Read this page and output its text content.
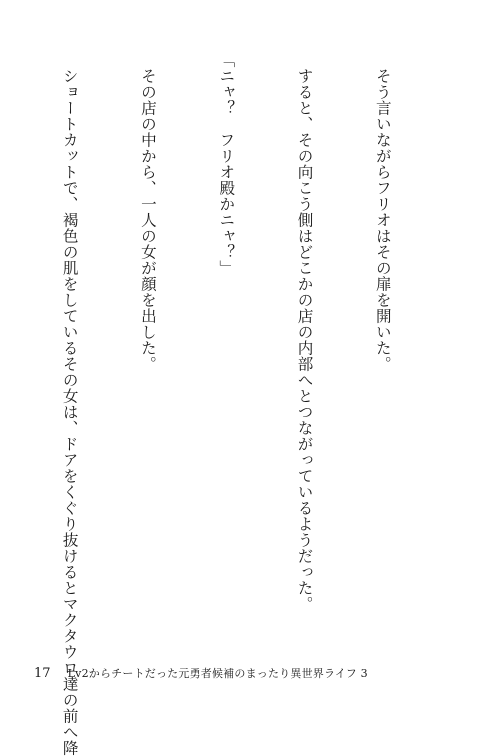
　そう言いながらフリオはその扉を開いた。

　すると、その向こう側はどこかの店の内部へとつながっているようだった。

「ニャ？　フリオ殿かニャ？」

　その店の中から、一人の女が顔を出した。

　ショートカットで、褐色の肌をしているその女は、ドアをくぐり抜けるとマクタウロ達の前へ降

17 Lv2からチートだった元勇者候補のまったり異世界ライフ 3
